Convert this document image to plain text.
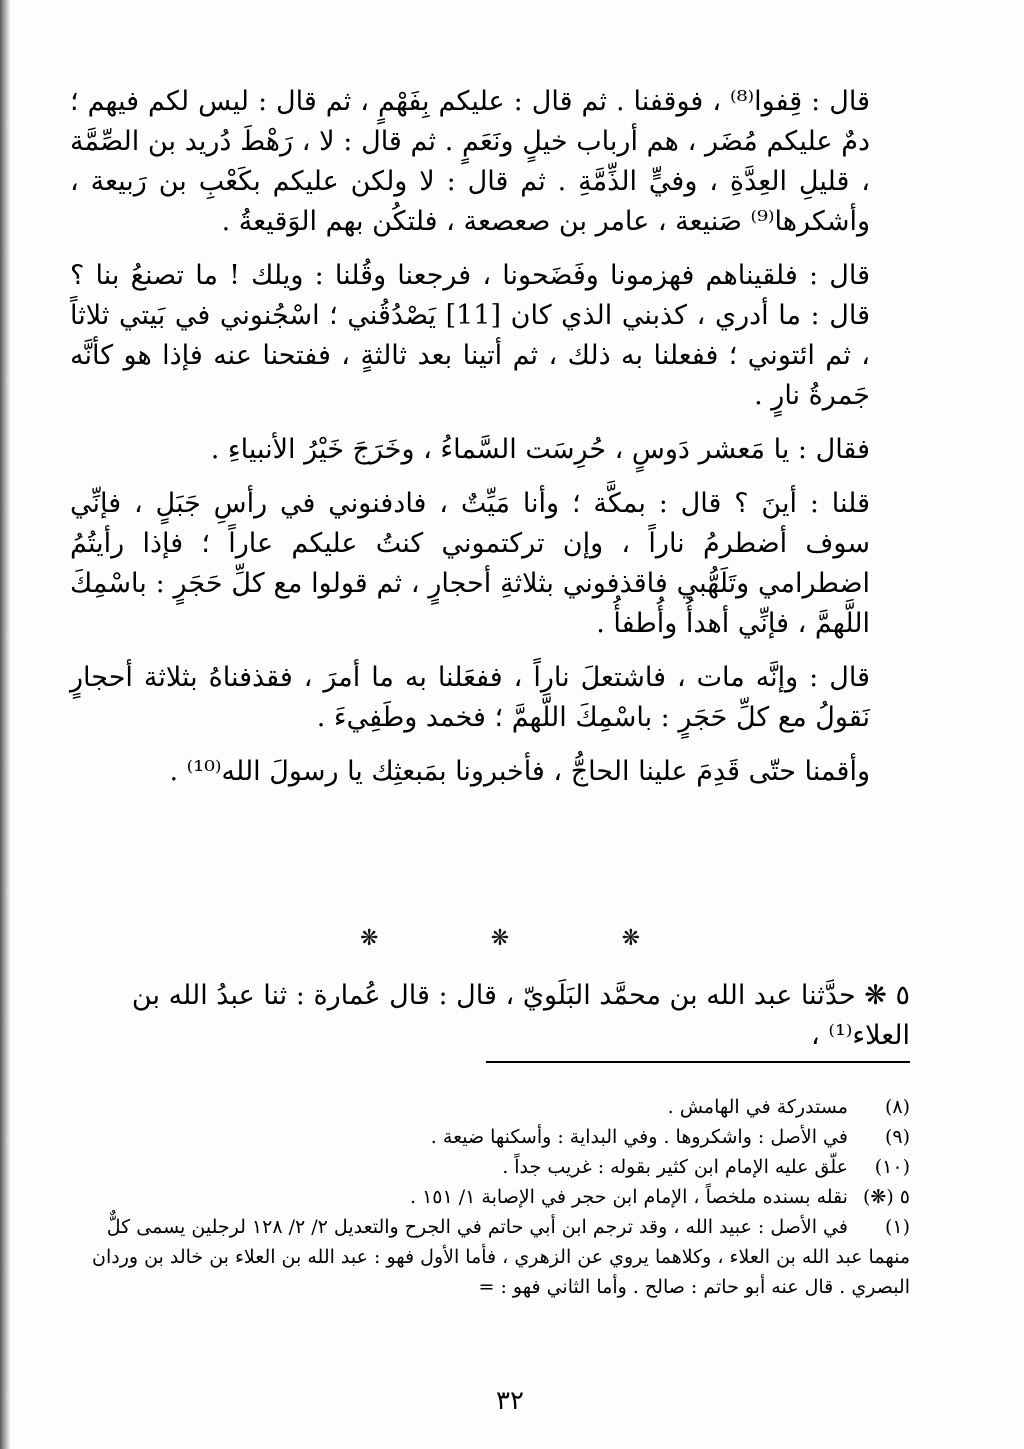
قال : قِفوا⁽⁸⁾ ، فوقفنا . ثم قال : عليكم بِفَهْمٍ ، ثم قال : ليس لكم فيهم ؛ دمٌ عليكم مُضَر ، هم أرباب خيلٍ ونَعَمٍ . ثم قال : لا ، رَهْطَ دُريد بن الصِّمَّة ، قليلِ العِدَّةِ ، وفيٍّ الذِّمَّةِ . ثم قال : لا ولكن عليكم بكَعْبِ بن رَبيعة ، وأشكرها⁽⁹⁾ صَنيعة ، عامر بن صعصعة ، فلتكُن بهم الوَقيعةُ .

قال : فلقيناهم فهزمونا وفَضَحونا ، فرجعنا وقُلنا : ويلك ! ما تصنعُ بنا ؟ قال : ما أدري ، كذبني الذي كان [11] يَصْدُقُني ؛ اسْجُنوني في بَيتي ثلاثاً ، ثم ائتوني ؛ ففعلنا به ذلك ، ثم أتينا بعد ثالثةٍ ، ففتحنا عنه فإذا هو كأنَّه جَمرةُ نارٍ .

فقال : يا مَعشر دَوسٍ ، حُرِسَت السَّماءُ ، وخَرَجَ خَيْرُ الأنبياءِ .

قلنا : أينَ ؟ قال : بمكَّة ؛ وأنا مَيِّتٌ ، فادفنوني في رأسِ جَبَلٍ ، فإنِّي سوف أضطرمُ ناراً ، وإن تركتموني كنتُ عليكم عاراً ؛ فإذا رأيتُمُ اضطرامي وتَلَهُّبي فاقذفوني بثلاثةِ أحجارٍ ، ثم قولوا مع كلِّ حَجَرٍ : باسْمِكَ اللَّهمَّ ، فإنِّي أهدأُ وأُطفأُ .

قال : وإنَّه مات ، فاشتعلَ ناراً ، ففعَلنا به ما أمرَ ، فقذفناهُ بثلاثة أحجارٍ نَقولُ مع كلِّ حَجَرٍ : باسْمِكَ اللَّهمَّ ؛ فخمد وطَفِيءَ .

وأقمنا حتّى قَدِمَ علينا الحاجُّ ، فأخبرونا بمَبعثِك يا رسولَ الله⁽¹⁰⁾ .

❋	❋	❋
٥ ❋ حدَّثنا عبد الله بن محمَّد البَلَويّ ، قال : قال عُمارة : ثنا عبدُ الله بن العلاء⁽¹⁾ ،

(٨) مستدركة في الهامش .

(٩) في الأصل : واشكروها . وفي البداية : وأسكنها ضيعة .

(١٠) علّق عليه الإمام ابن كثير بقوله : غريب جداً .

٥ (❋) نقله بسنده ملخصاً ، الإمام ابن حجر في الإصابة ١/ ١٥١ .

(١) في الأصل : عبيد الله ، وقد ترجم ابن أبي حاتم في الجرح والتعديل ٢/ ٢/ ١٢٨ لرجلين يسمى كلٌّ منهما عبد الله بن العلاء ، وكلاهما يروي عن الزهري ، فأما الأول فهو : عبد الله بن العلاء بن خالد بن وردان البصري . قال عنه أبو حاتم : صالح . وأما الثاني فهو : =

٣٢
